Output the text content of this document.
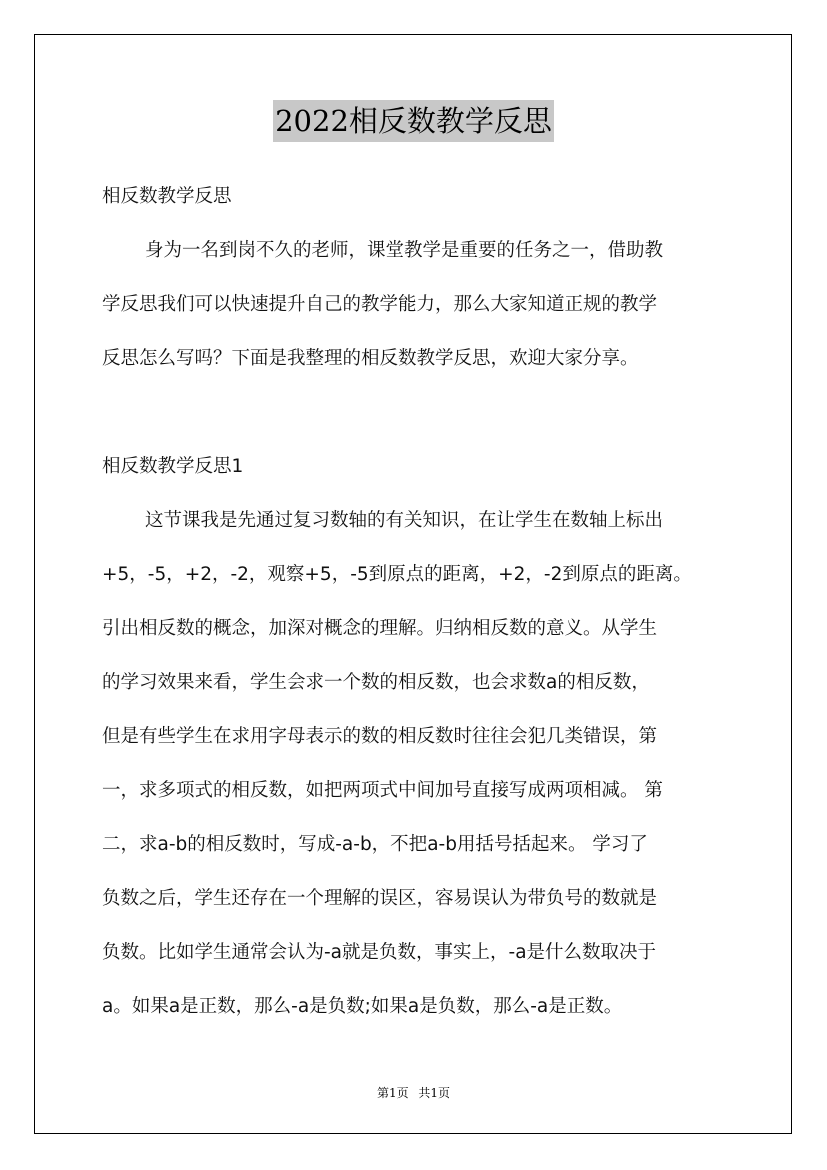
2022相反数教学反思
相反数教学反思
身为一名到岗不久的老师，课堂教学是重要的任务之一，借助教
学反思我们可以快速提升自己的教学能力，那么大家知道正规的教学
反思怎么写吗？下面是我整理的相反数教学反思，欢迎大家分享。
相反数教学反思1
这节课我是先通过复习数轴的有关知识，在让学生在数轴上标出
+5，-5，+2，-2，观察+5，-5到原点的距离，+2，-2到原点的距离。
引出相反数的概念，加深对概念的理解。归纳相反数的意义。从学生
的学习效果来看，学生会求一个数的相反数，也会求数a的相反数，
但是有些学生在求用字母表示的数的相反数时往往会犯几类错误，第
一，求多项式的相反数，如把两项式中间加号直接写成两项相减。 第
二，求a-b的相反数时，写成-a-b，不把a-b用括号括起来。 学习了
负数之后，学生还存在一个理解的误区，容易误认为带负号的数就是
负数。比如学生通常会认为-a就是负数，事实上，-a是什么数取决于
a。如果a是正数，那么-a是负数;如果a是负数，那么-a是正数。
第1页 共1页
